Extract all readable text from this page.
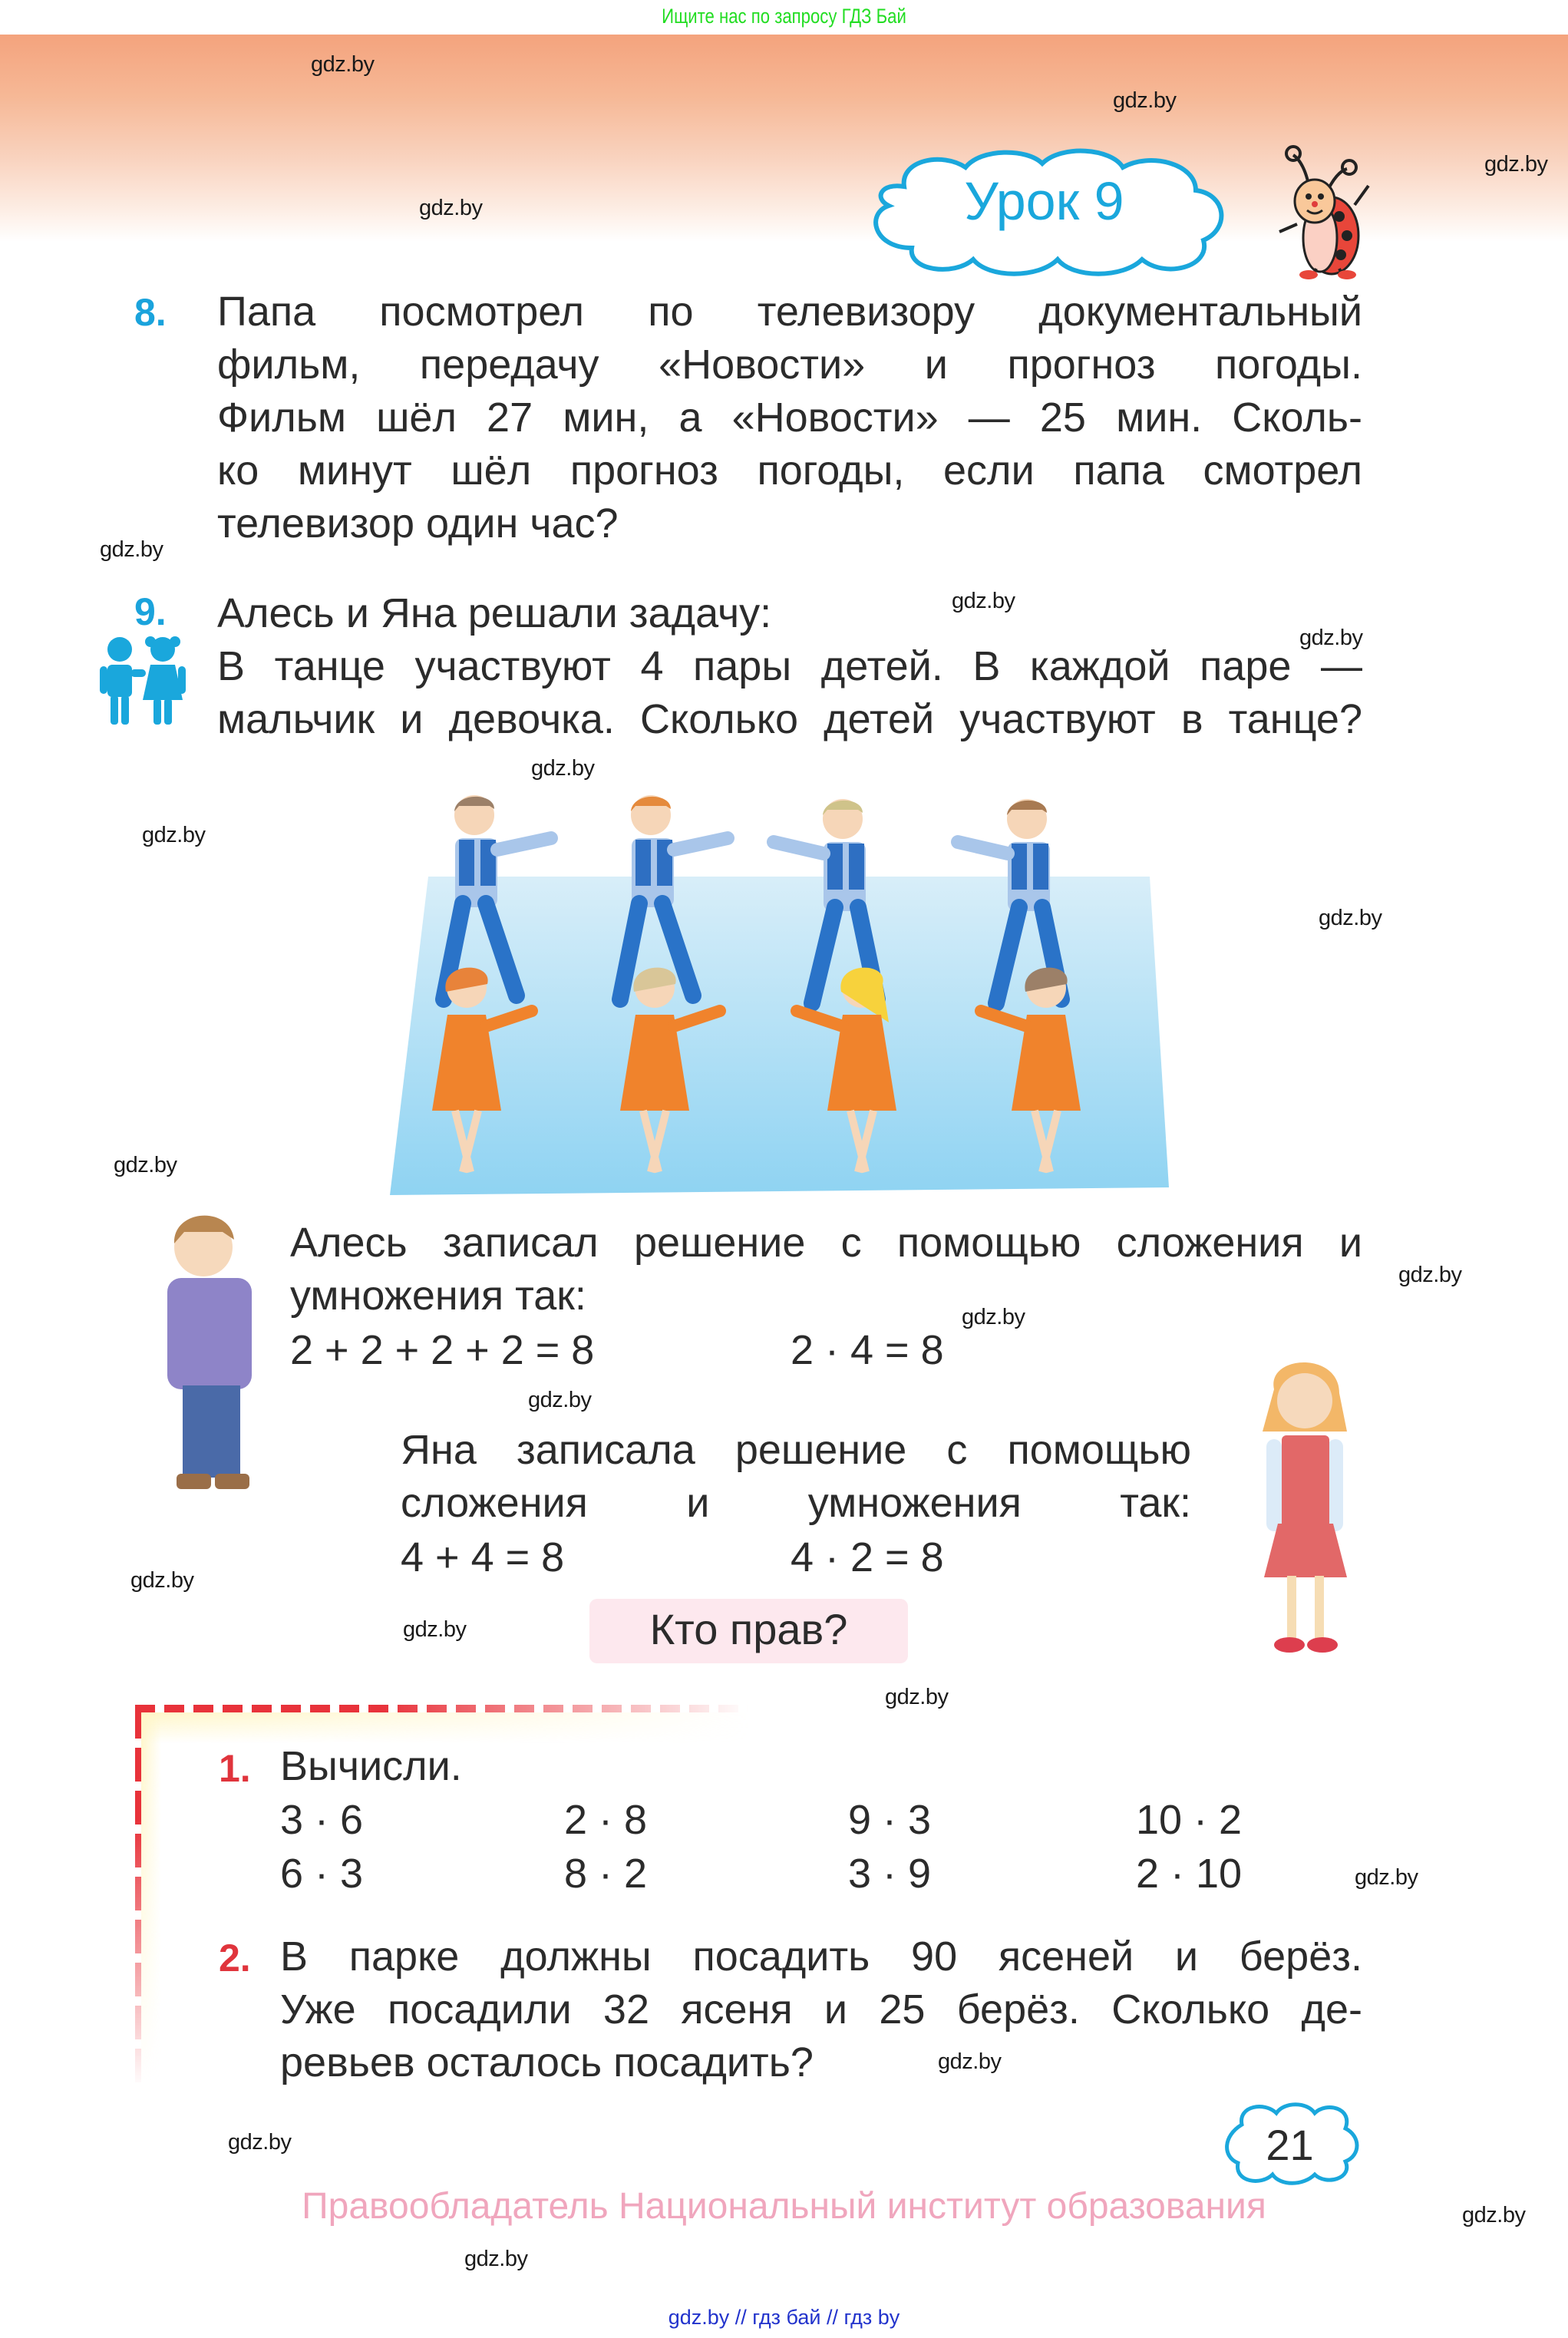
Ищите нас по запросу ГДЗ Бай
gdz.by
gdz.by
gdz.by
gdz.by
gdz.by
gdz.by
gdz.by
gdz.by
gdz.by
gdz.by
gdz.by
gdz.by
gdz.by
gdz.by
gdz.by
gdz.by
gdz.by
gdz.by
gdz.by
gdz.by
gdz.by
gdz.by
Урок 9
8. Папа посмотрел по телевизору документальный
фильм, передачу «Новости» и прогноз погоды.
Фильм шёл 27 мин, а «Новости» — 25 мин. Сколь-
ко минут шёл прогноз погоды, если папа смотрел
телевизор один час?
9. Алесь и Яна решали задачу:
В танце участвуют 4 пары детей. В каждой паре —
мальчик и девочка. Сколько детей участвуют в танце?
Алесь записал решение с помощью сложения и
умножения так:
2 + 2 + 2 + 2 = 8	2 · 4 = 8
Яна записала решение с помощью
сложения и умножения так:
4 + 4 = 8	4 · 2 = 8
Кто прав?
1. Вычисли.
3 · 6	2 · 8	9 · 3	10 · 2
6 · 3	8 · 2	3 · 9	2 · 10
2. В парке должны посадить 90 ясеней и берёз.
Уже посадили 32 ясеня и 25 берёз. Сколько де-
ревьев осталось посадить?
21
Правообладатель Национальный институт образования
gdz.by // гдз бай // гдз by
